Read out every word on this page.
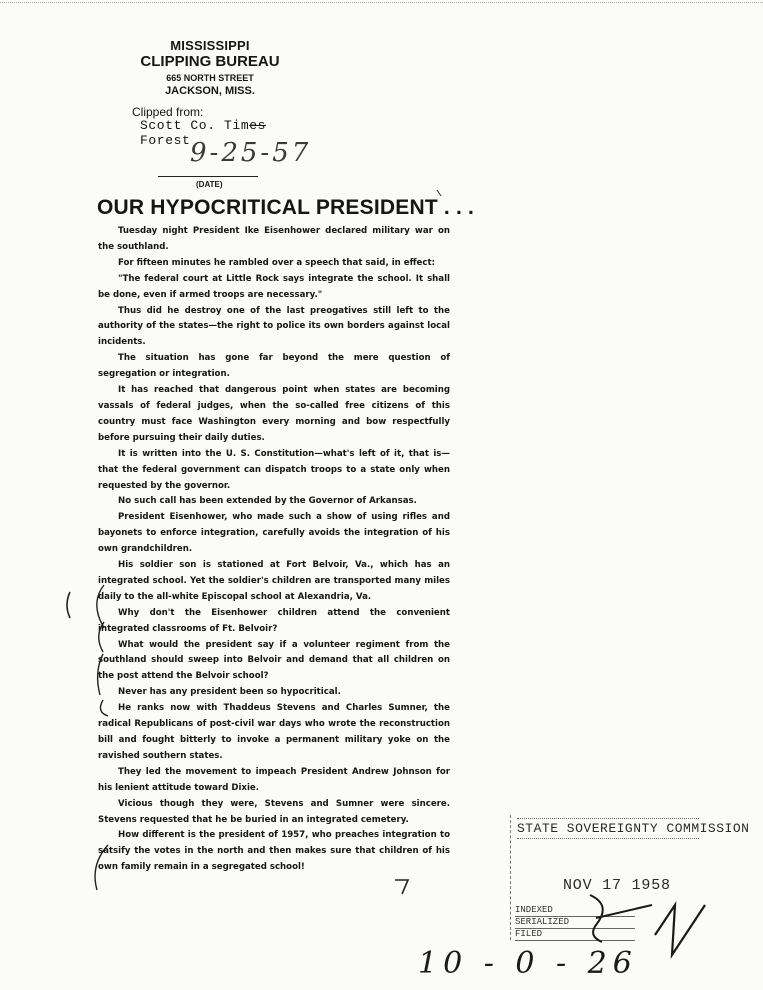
MISSISSIPPI
CLIPPING BUREAU
665 NORTH STREET
JACKSON, MISS.
Clipped from:
Scott Co. Times
Forest 9-25-57
(DATE)
OUR HYPOCRITICAL PRESIDENT . . .

Tuesday night President Ike Eisenhower declared military war on the southland.

For fifteen minutes he rambled over a speech that said, in effect:

"The federal court at Little Rock says integrate the school. It shall be done, even if armed troops are necessary."

Thus did he destroy one of the last preogatives still left to the authority of the states—the right to police its own borders against local incidents.

The situation has gone far beyond the mere question of segregation or integration.

It has reached that dangerous point when states are becoming vassals of federal judges, when the so-called free citizens of this country must face Washington every morning and bow respectfully before pursuing their daily duties.

It is written into the U. S. Constitution—what's left of it, that is—that the federal government can dispatch troops to a state only when requested by the governor.

No such call has been extended by the Governor of Arkansas.

President Eisenhower, who made such a show of using rifles and bayonets to enforce integration, carefully avoids the integration of his own grandchildren.

His soldier son is stationed at Fort Belvoir, Va., which has an integrated school. Yet the soldier's children are transported many miles daily to the all-white Episcopal school at Alexandria, Va.

Why don't the Eisenhower children attend the convenient integrated classrooms of Ft. Belvoir?

What would the president say if a volunteer regiment from the southland should sweep into Belvoir and demand that all children on the post attend the Belvoir school?

Never has any president been so hypocritical.

He ranks now with Thaddeus Stevens and Charles Sumner, the radical Republicans of post-civil war days who wrote the reconstruction bill and fought bitterly to invoke a permanent military yoke on the ravished southern states.

They led the movement to impeach President Andrew Johnson for his lenient attitude toward Dixie.

Vicious though they were, Stevens and Sumner were sincere. Stevens requested that he be buried in an integrated cemetery.

How different is the president of 1957, who preaches integration to satsify the votes in the north and then makes sure that children of his own family remain in a segregated school!

STATE SOVEREIGNTY COMMISSION
NOV 17 1958
INDEXED
SERIALIZED
FILED
10 - 0 - 26
